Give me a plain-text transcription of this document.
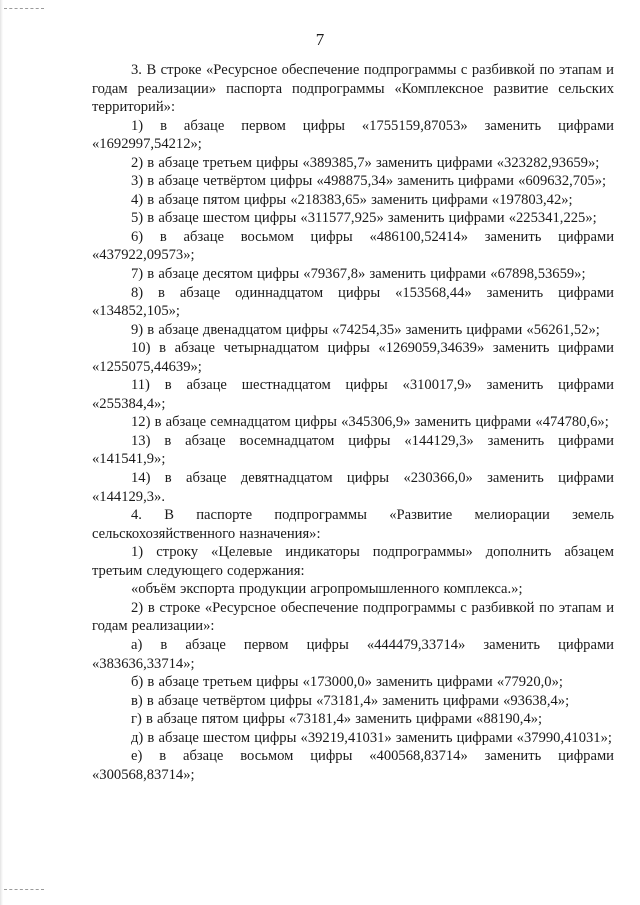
7

3. В строке «Ресурсное обеспечение подпрограммы с разбивкой по этапам и годам реализации» паспорта подпрограммы «Комплексное развитие сельских территорий»:

1) в абзаце первом цифры «1755159,87053» заменить цифрами «1692997,54212»;

2) в абзаце третьем цифры «389385,7» заменить цифрами «323282,93659»;

3) в абзаце четвёртом цифры «498875,34» заменить цифрами «609632,705»;

4) в абзаце пятом цифры «218383,65» заменить цифрами «197803,42»;

5) в абзаце шестом цифры «311577,925» заменить цифрами «225341,225»;

6) в абзаце восьмом цифры «486100,52414» заменить цифрами «437922,09573»;

7) в абзаце десятом цифры «79367,8» заменить цифрами «67898,53659»;

8) в абзаце одиннадцатом цифры «153568,44» заменить цифрами «134852,105»;

9) в абзаце двенадцатом цифры «74254,35» заменить цифрами «56261,52»;

10) в абзаце четырнадцатом цифры «1269059,34639» заменить цифрами «1255075,44639»;

11) в абзаце шестнадцатом цифры «310017,9» заменить цифрами «255384,4»;

12) в абзаце семнадцатом цифры «345306,9» заменить цифрами «474780,6»;

13) в абзаце восемнадцатом цифры «144129,3» заменить цифрами «141541,9»;

14) в абзаце девятнадцатом цифры «230366,0» заменить цифрами «144129,3».

4. В паспорте подпрограммы «Развитие мелиорации земель сельскохозяйственного назначения»:

1) строку «Целевые индикаторы подпрограммы» дополнить абзацем третьим следующего содержания:

«объём экспорта продукции агропромышленного комплекса.»;

2) в строке «Ресурсное обеспечение подпрограммы с разбивкой по этапам и годам реализации»:

а) в абзаце первом цифры «444479,33714» заменить цифрами «383636,33714»;

б) в абзаце третьем цифры «173000,0» заменить цифрами «77920,0»;

в) в абзаце четвёртом цифры «73181,4» заменить цифрами «93638,4»;

г) в абзаце пятом цифры «73181,4» заменить цифрами «88190,4»;

д) в абзаце шестом цифры «39219,41031» заменить цифрами «37990,41031»;

е) в абзаце восьмом цифры «400568,83714» заменить цифрами «300568,83714»;
